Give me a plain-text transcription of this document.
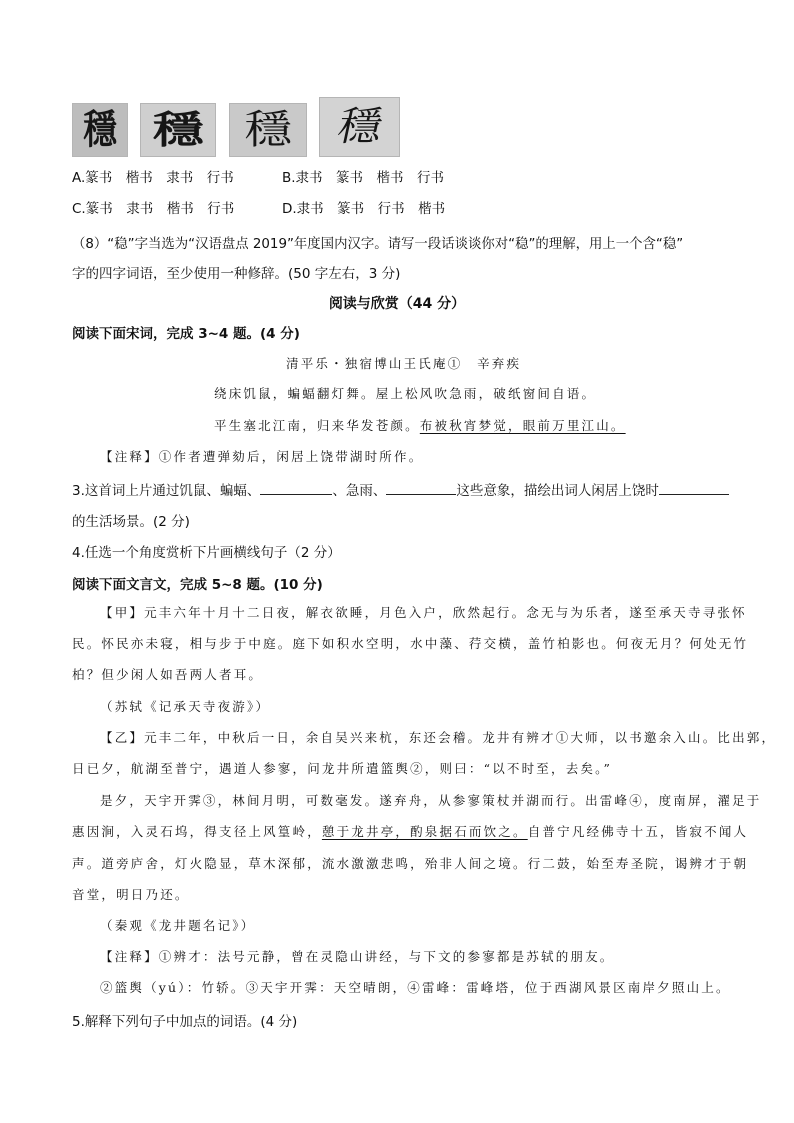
穩 穩 穩 穩
A.篆书　楷书　隶书　行书	B.隶书　篆书　楷书　行书
C.篆书　隶书　楷书　行书	D.隶书　篆书　行书　楷书
（8）“稳”字当选为“汉语盘点 2019”年度国内汉字。请写一段话谈谈你对“稳”的理解，用上一个含“稳”
字的四字词语，至少使用一种修辞。(50 字左右，3 分)
阅读与欣赏（44 分）
阅读下面宋词，完成 3~4 题。(4 分)
清平乐・独宿博山王氏庵①　辛弃疾
绕床饥鼠，蝙蝠翻灯舞。屋上松风吹急雨，破纸窗间自语。
平生塞北江南，归来华发苍颜。布被秋宵梦觉，眼前万里江山。
【注释】①作者遭弹劾后，闲居上饶带湖时所作。
3.这首词上片通过饥鼠、蝙蝠、	、急雨、	这些意象，描绘出词人闲居上饶时
的生活场景。(2 分)
4.任选一个角度赏析下片画横线句子（2 分）
阅读下面文言文，完成 5~8 题。(10 分)
【甲】元丰六年十月十二日夜，解衣欲睡，月色入户，欣然起行。念无与为乐者，遂至承天寺寻张怀
民。怀民亦未寝，相与步于中庭。庭下如积水空明，水中藻、荇交横，盖竹柏影也。何夜无月？何处无竹
柏？但少闲人如吾两人者耳。
（苏轼《记承天寺夜游》）
【乙】元丰二年，中秋后一日，余自吴兴来杭，东还会稽。龙井有辨才①大师，以书邀余入山。比出郭，
日已夕，航湖至普宁，遇道人参寥，问龙井所遣篮舆②，则曰：“以不时至，去矣。”
是夕，天宇开霁③，林间月明，可数毫发。遂弃舟，从参寥策杖并湖而行。出雷峰④，度南屏，濯足于
惠因涧，入灵石坞，得支径上风篁岭，憩于龙井亭，酌泉据石而饮之。自普宁凡经佛寺十五，皆寂不闻人
声。道旁庐舍，灯火隐显，草木深郁，流水激激悲鸣，殆非人间之境。行二鼓，始至寿圣院，谒辨才于朝
音堂，明日乃还。
（秦观《龙井题名记》）
【注释】①辨才：法号元静，曾在灵隐山讲经，与下文的参寥都是苏轼的朋友。
②篮舆（yú）：竹轿。③天宇开霁：天空晴朗，④雷峰：雷峰塔，位于西湖风景区南岸夕照山上。
5.解释下列句子中加点的词语。(4 分)
